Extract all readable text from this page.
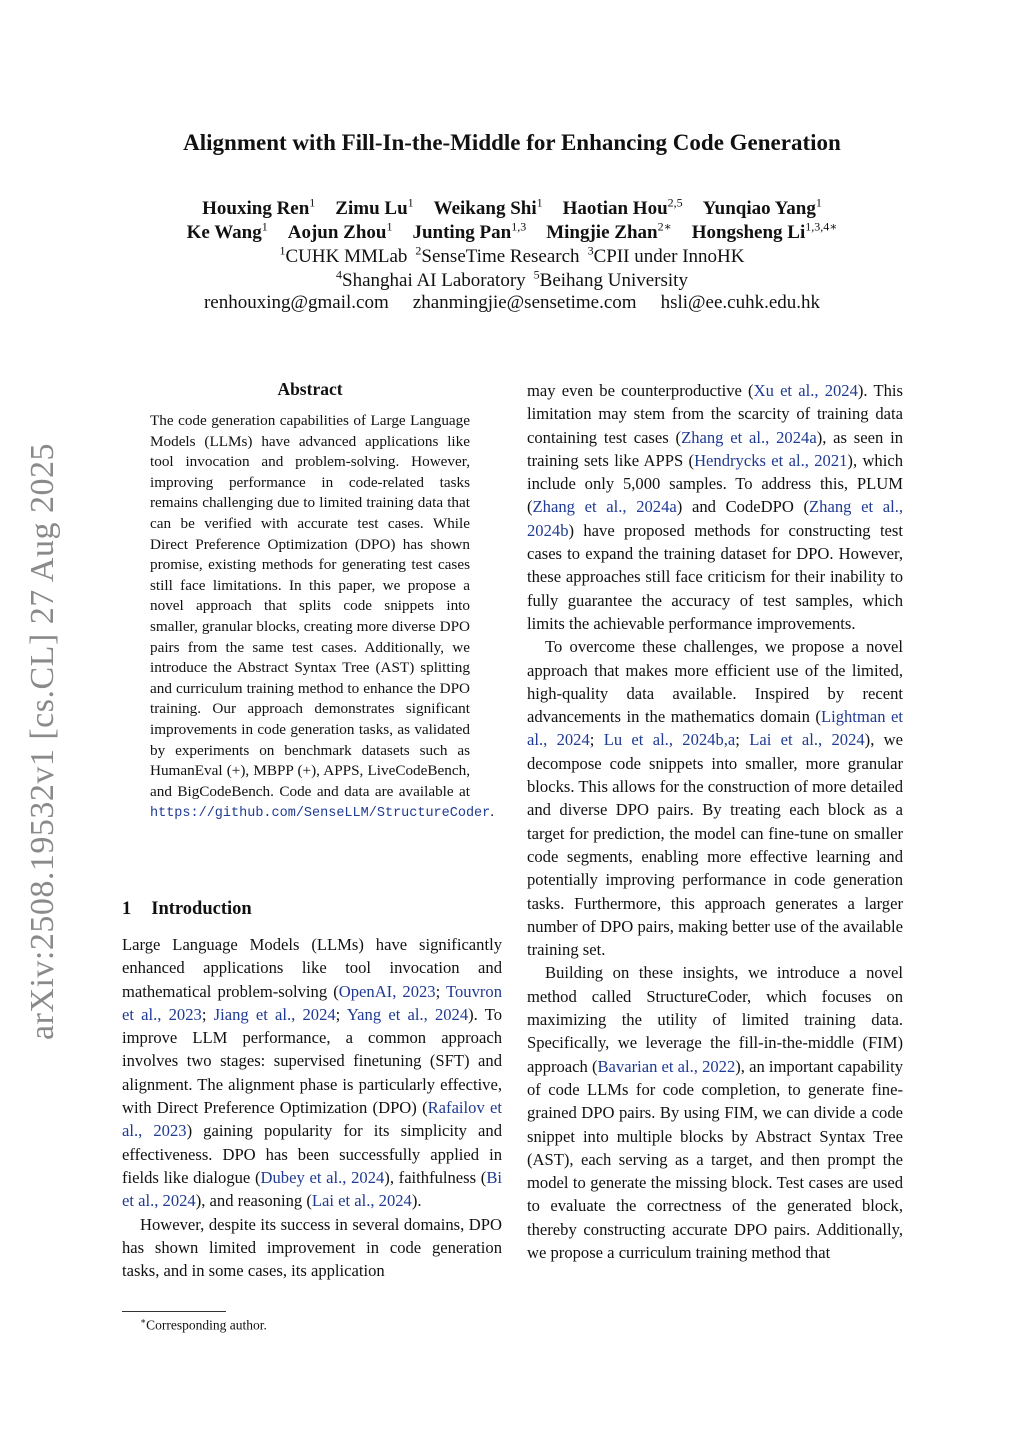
arXiv:2508.19532v1 [cs.CL] 27 Aug 2025
Alignment with Fill-In-the-Middle for Enhancing Code Generation
Houxing Ren$^1$ Zimu Lu$^1$ Weikang Shi$^1$ Haotian Hou$^{2,5}$ Yunqiao Yang$^1$
Ke Wang$^1$ Aojun Zhou$^1$ Junting Pan$^{1,3}$ Mingjie Zhan$^{2∗}$ Hongsheng $Li^{1,3,4∗}$
$^1$CUHK MMLab $^2$SenseTime Research $^3$CPII under InnoHK
$^4$Shanghai AI Laboratory $^5$Beihang University
renhouxing@gmail.com zhanmingjie@sensetime.com hsli@ee.cuhk.edu.hk
Abstract
The code generation capabilities of Large Language Models (LLMs) have advanced applications like tool invocation and problem-solving. However, improving performance in code-related tasks remains challenging due to limited training data that can be verified with accurate test cases. While Direct Preference Optimization (DPO) has shown promise, existing methods for generating test cases still face limitations. In this paper, we propose a novel approach that splits code snippets into smaller, granular blocks, creating more diverse DPO pairs from the same test cases. Additionally, we introduce the Abstract Syntax Tree (AST) splitting and curriculum training method to enhance the DPO training. Our approach demonstrates significant improvements in code generation tasks, as validated by experiments on benchmark datasets such as HumanEval (+), MBPP (+), APPS, LiveCodeBench, and BigCodeBench. Code and data are available at https://github.com/SenseLLM/StructureCoder.
1 Introduction

Large Language Models (LLMs) have significantly enhanced applications like tool invocation and mathematical problem-solving (OpenAI, 2023; Touvron et al., 2023; Jiang et al., 2024; Yang et al., 2024). To improve LLM performance, a common approach involves two stages: supervised finetuning (SFT) and alignment. The alignment phase is particularly effective, with Direct Preference Optimization (DPO) (Rafailov et al., 2023) gaining popularity for its simplicity and effectiveness. DPO has been successfully applied in fields like dialogue (Dubey et al., 2024), faithfulness (Bi et al., 2024), and reasoning (Lai et al., 2024).

However, despite its success in several domains, DPO has shown limited improvement in code generation tasks, and in some cases, its application

∗Corresponding author.

may even be counterproductive (Xu et al., 2024). This limitation may stem from the scarcity of training data containing test cases (Zhang et al., 2024a), as seen in training sets like APPS (Hendrycks et al., 2021), which include only 5,000 samples. To address this, PLUM (Zhang et al., 2024a) and CodeDPO (Zhang et al., 2024b) have proposed methods for constructing test cases to expand the training dataset for DPO. However, these approaches still face criticism for their inability to fully guarantee the accuracy of test samples, which limits the achievable performance improvements.

To overcome these challenges, we propose a novel approach that makes more efficient use of the limited, high-quality data available. Inspired by recent advancements in the mathematics domain (Lightman et al., 2024; Lu et al., 2024b,a; Lai et al., 2024), we decompose code snippets into smaller, more granular blocks. This allows for the construction of more detailed and diverse DPO pairs. By treating each block as a target for prediction, the model can fine-tune on smaller code segments, enabling more effective learning and potentially improving performance in code generation tasks. Furthermore, this approach generates a larger number of DPO pairs, making better use of the available training set.

Building on these insights, we introduce a novel method called StructureCoder, which focuses on maximizing the utility of limited training data. Specifically, we leverage the fill-in-the-middle (FIM) approach (Bavarian et al., 2022), an important capability of code LLMs for code completion, to generate fine-grained DPO pairs. By using FIM, we can divide a code snippet into multiple blocks by Abstract Syntax Tree (AST), each serving as a target, and then prompt the model to generate the missing block. Test cases are used to evaluate the correctness of the generated block, thereby constructing accurate DPO pairs. Additionally, we propose a curriculum training method that
